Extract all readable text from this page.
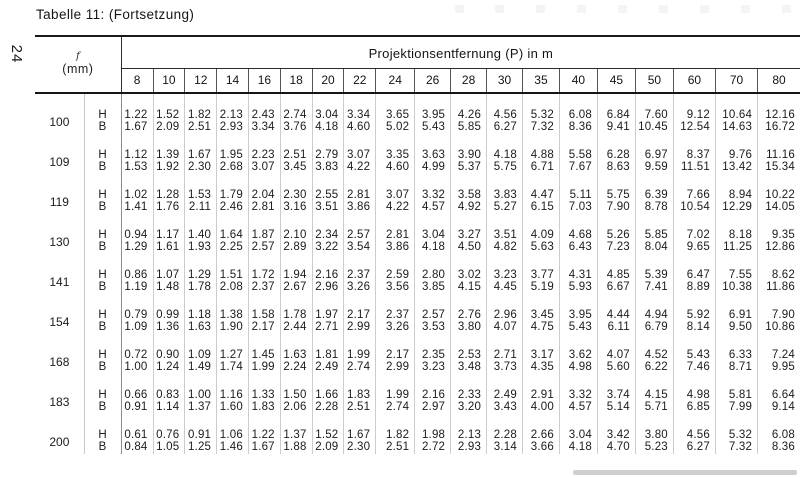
24
Tabelle 11: (Fortsetzung)
f
(mm)		Projektionsentfernung (P) in m																		
		8	10	12	14	16	18	20	22	24	26	28	30	35	40	45	50	60	70	80
100	H	1.22	1.52	1.82	2.13	2.43	2.74	3.04	3.34	3.65	3.95	4.26	4.56	5.32	6.08	6.84	7.60	9.12	10.64	12.16
	B	1.67	2.09	2.51	2.93	3.34	3.76	4.18	4.60	5.02	5.43	5.85	6.27	7.32	8.36	9.41	10.45	12.54	14.63	16.72
109	H	1.12	1.39	1.67	1.95	2.23	2.51	2.79	3.07	3.35	3.63	3.90	4.18	4.88	5.58	6.28	6.97	8.37	9.76	11.16
	B	1.53	1.92	2.30	2.68	3.07	3.45	3.83	4.22	4.60	4.99	5.37	5.75	6.71	7.67	8.63	9.59	11.51	13.42	15.34
119	H	1.02	1.28	1.53	1.79	2.04	2.30	2.55	2.81	3.07	3.32	3.58	3.83	4.47	5.11	5.75	6.39	7.66	8.94	10.22
	B	1.41	1.76	2.11	2.46	2.81	3.16	3.51	3.86	4.22	4.57	4.92	5.27	6.15	7.03	7.90	8.78	10.54	12.29	14.05
130	H	0.94	1.17	1.40	1.64	1.87	2.10	2.34	2.57	2.81	3.04	3.27	3.51	4.09	4.68	5.26	5.85	7.02	8.18	9.35
	B	1.29	1.61	1.93	2.25	2.57	2.89	3.22	3.54	3.86	4.18	4.50	4.82	5.63	6.43	7.23	8.04	9.65	11.25	12.86
141	H	0.86	1.07	1.29	1.51	1.72	1.94	2.16	2.37	2.59	2.80	3.02	3.23	3.77	4.31	4.85	5.39	6.47	7.55	8.62
	B	1.19	1.48	1.78	2.08	2.37	2.67	2.96	3.26	3.56	3.85	4.15	4.45	5.19	5.93	6.67	7.41	8.89	10.38	11.86
154	H	0.79	0.99	1.18	1.38	1.58	1.78	1.97	2.17	2.37	2.57	2.76	2.96	3.45	3.95	4.44	4.94	5.92	6.91	7.90
	B	1.09	1.36	1.63	1.90	2.17	2.44	2.71	2.99	3.26	3.53	3.80	4.07	4.75	5.43	6.11	6.79	8.14	9.50	10.86
168	H	0.72	0.90	1.09	1.27	1.45	1.63	1.81	1.99	2.17	2.35	2.53	2.71	3.17	3.62	4.07	4.52	5.43	6.33	7.24
	B	1.00	1.24	1.49	1.74	1.99	2.24	2.49	2.74	2.99	3.23	3.48	3.73	4.35	4.98	5.60	6.22	7.46	8.71	9.95
183	H	0.66	0.83	1.00	1.16	1.33	1.50	1.66	1.83	1.99	2.16	2.33	2.49	2.91	3.32	3.74	4.15	4.98	5.81	6.64
	B	0.91	1.14	1.37	1.60	1.83	2.06	2.28	2.51	2.74	2.97	3.20	3.43	4.00	4.57	5.14	5.71	6.85	7.99	9.14
200	H	0.61	0.76	0.91	1.06	1.22	1.37	1.52	1.67	1.82	1.98	2.13	2.28	2.66	3.04	3.42	3.80	4.56	5.32	6.08
	B	0.84	1.05	1.25	1.46	1.67	1.88	2.09	2.30	2.51	2.72	2.93	3.14	3.66	4.18	4.70	5.23	6.27	7.32	8.36
